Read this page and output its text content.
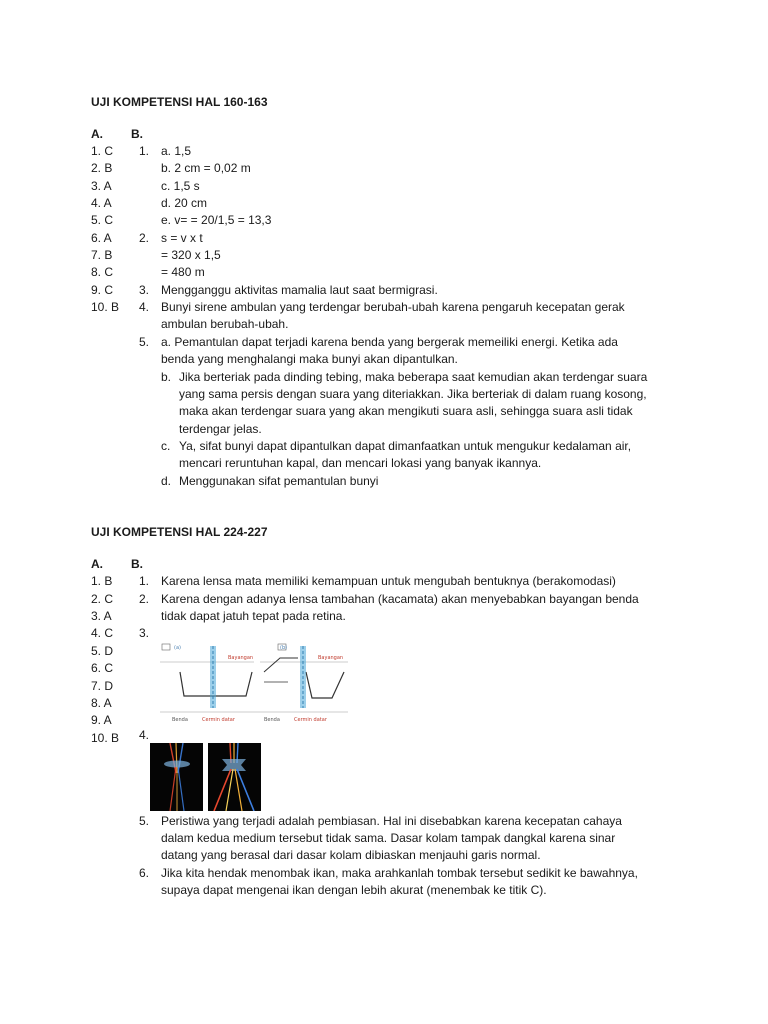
UJI KOMPETENSI HAL 160-163
A. B.
1. C
2. B
3. A
4. A
5. C
6. A
7. B
8. C
9. C
10. B
1. a. 1,5
b. 2 cm = 0,02 m
c. 1,5 s
d. 20 cm
e. v= = 20/1,5 = 13,3
2. s = v x t
= 320 x 1,5
= 480 m
3. Mengganggu aktivitas mamalia laut saat bermigrasi.
4. Bunyi sirene ambulan yang terdengar berubah-ubah karena pengaruh kecepatan gerak
ambulan berubah-ubah.
5. a. Pemantulan dapat terjadi karena benda yang bergerak memeiliki energi. Ketika ada
benda yang menghalangi maka bunyi akan dipantulkan.
b. Jika berteriak pada dinding tebing, maka beberapa saat kemudian akan terdengar suara
yang sama persis dengan suara yang diteriakkan. Jika berteriak di dalam ruang kosong,
maka akan terdengar suara yang akan mengikuti suara asli, sehingga suara asli tidak
terdengar jelas.
c. Ya, sifat bunyi dapat dipantulkan dapat dimanfaatkan untuk mengukur kedalaman air,
mencari reruntuhan kapal, dan mencari lokasi yang banyak ikannya.
d. Menggunakan sifat pemantulan bunyi
UJI KOMPETENSI HAL 224-227
A. B.
1. B
2. C
3. A
4. C
5. D
6. C
7. D
8. A
9. A
10. B
1. Karena lensa mata memiliki kemampuan untuk mengubah bentuknya (berakomodasi)
2. Karena dengan adanya lensa tambahan (kacamata) akan menyebabkan bayangan benda
tidak dapat jatuh tepat pada retina.
3.
(a)
Bayangan
Benda	Cermin datar
(b)
Bayangan
Benda	Cermin datar
4.
5. Peristiwa yang terjadi adalah pembiasan. Hal ini disebabkan karena kecepatan cahaya
dalam kedua medium tersebut tidak sama. Dasar kolam tampak dangkal karena sinar
datang yang berasal dari dasar kolam dibiaskan menjauhi garis normal.
6. Jika kita hendak menombak ikan, maka arahkanlah tombak tersebut sedikit ke bawahnya,
supaya dapat mengenai ikan dengan lebih akurat (menembak ke titik C).
